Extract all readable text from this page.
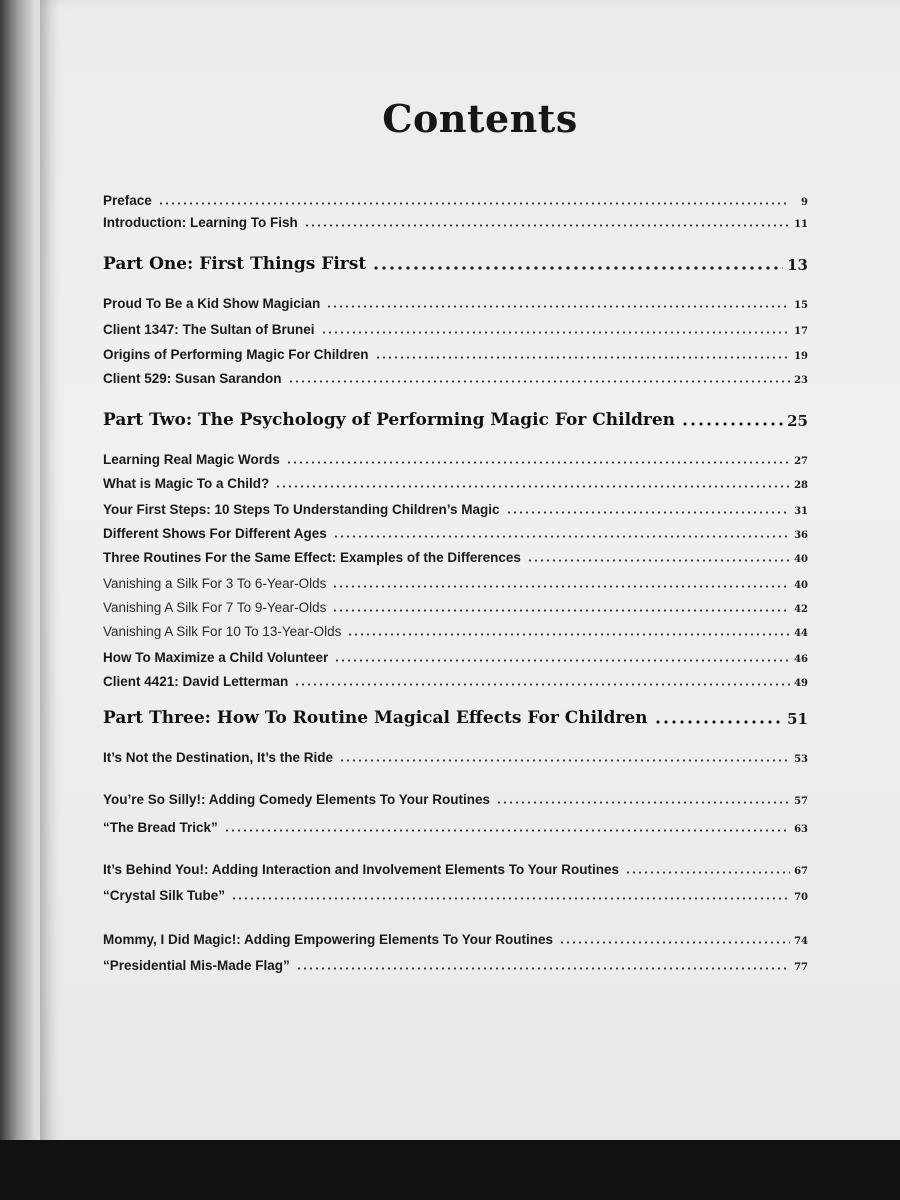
Contents
Preface	9
Introduction: Learning To Fish	11
Part One: First Things First	13
Proud To Be a Kid Show Magician	15
Client 1347: The Sultan of Brunei	17
Origins of Performing Magic For Children	19
Client 529: Susan Sarandon	23
Part Two: The Psychology of Performing Magic For Children	25
Learning Real Magic Words	27
What is Magic To a Child?	28
Your First Steps: 10 Steps To Understanding Children’s Magic	31
Different Shows For Different Ages	36
Three Routines For the Same Effect: Examples of the Differences	40
Vanishing a Silk For 3 To 6-Year-Olds	40
Vanishing A Silk For 7 To 9-Year-Olds	42
Vanishing A Silk For 10 To 13-Year-Olds	44
How To Maximize a Child Volunteer	46
Client 4421: David Letterman	49
Part Three: How To Routine Magical Effects For Children	51
It’s Not the Destination, It’s the Ride	53
You’re So Silly!: Adding Comedy Elements To Your Routines	57
“The Bread Trick”	63
It’s Behind You!: Adding Interaction and Involvement Elements To Your Routines	67
“Crystal Silk Tube”	70
Mommy, I Did Magic!: Adding Empowering Elements To Your Routines	74
“Presidential Mis-Made Flag”	77
